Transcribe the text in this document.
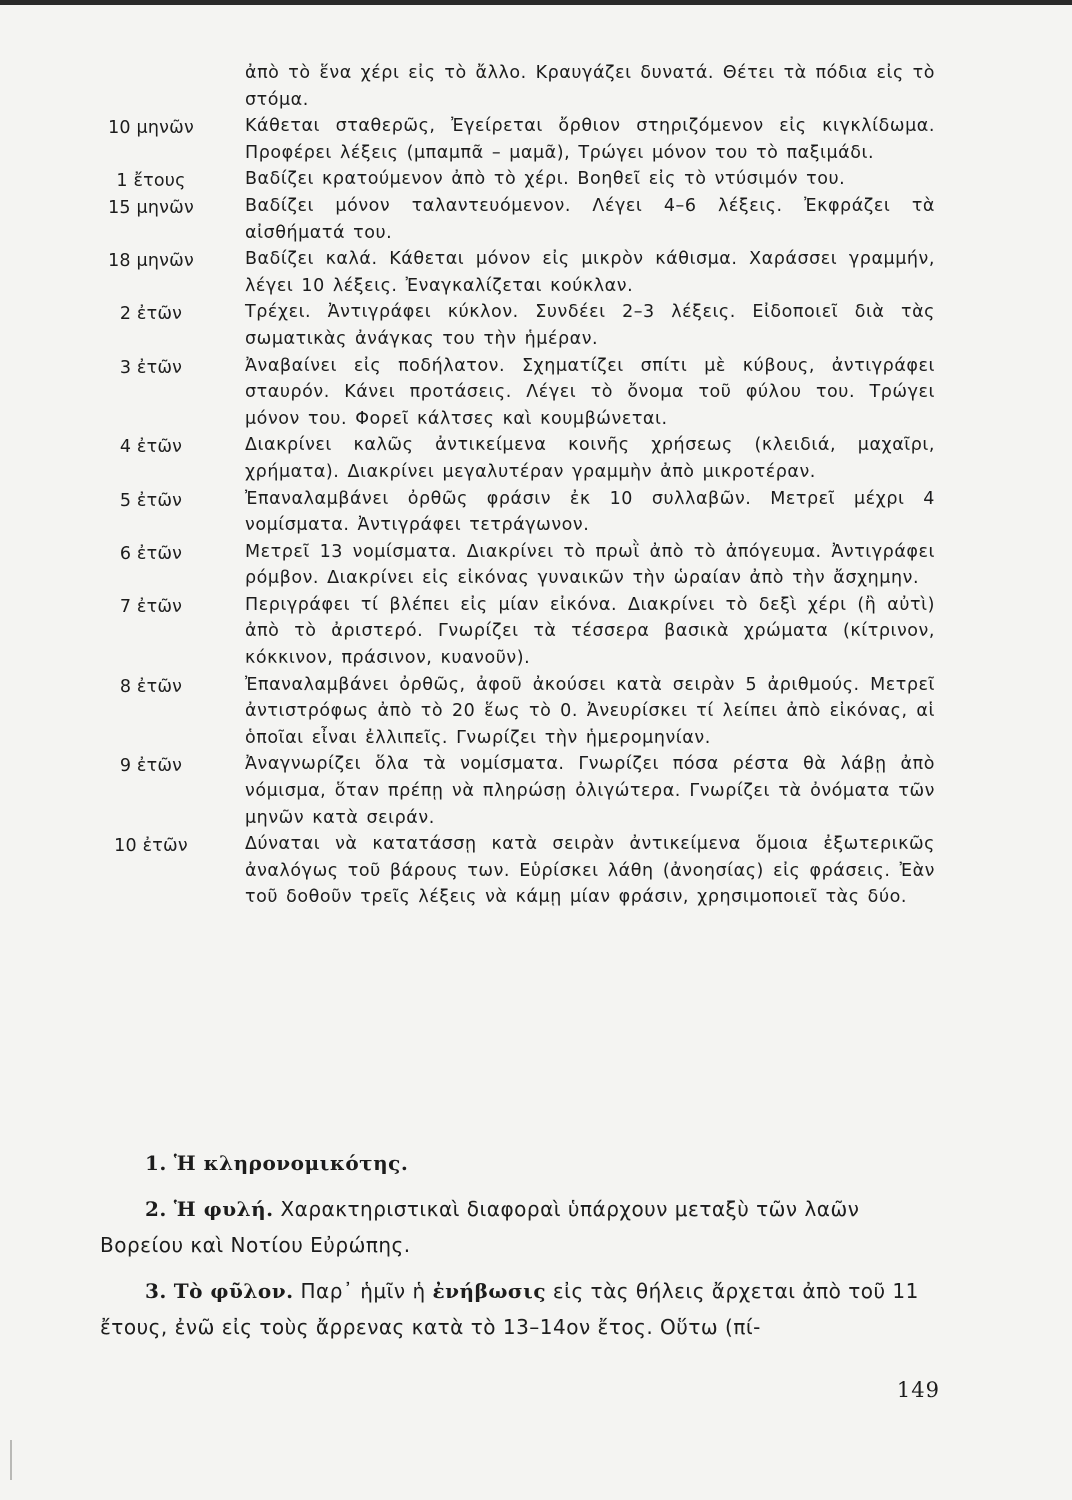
ἀπὸ τὸ ἕνα χέρι εἰς τὸ ἄλλο. Κραυγάζει δυνατά. Θέτει τὰ πόδια εἰς τὸ στόμα.
10 μηνῶν	Κάθεται σταθερῶς, Ἐγείρεται ὄρθιον στηριζόμενον εἰς κιγκλίδωμα. Προφέρει λέξεις (μπαμπᾶ – μαμᾶ), Τρώγει μόνον του τὸ παξιμάδι.
1 ἔτους	Βαδίζει κρατούμενον ἀπὸ τὸ χέρι. Βοηθεῖ εἰς τὸ ντύσιμόν του.
15 μηνῶν	Βαδίζει μόνον ταλαντευόμενον. Λέγει 4–6 λέξεις. Ἐκφράζει τὰ αἰσθήματά του.
18 μηνῶν	Βαδίζει καλά. Κάθεται μόνον εἰς μικρὸν κάθισμα. Χαράσσει γραμμήν, λέγει 10 λέξεις. Ἐναγκαλίζεται κούκλαν.
2 ἐτῶν	Τρέχει. Ἀντιγράφει κύκλον. Συνδέει 2–3 λέξεις. Εἰδοποιεῖ διὰ τὰς σωματικὰς ἀνάγκας του τὴν ἡμέραν.
3 ἐτῶν	Ἀναβαίνει εἰς ποδήλατον. Σχηματίζει σπίτι μὲ κύβους, ἀντιγράφει σταυρόν. Κάνει προτάσεις. Λέγει τὸ ὄνομα τοῦ φύλου του. Τρώγει μόνον του. Φορεῖ κάλτσες καὶ κουμβώνεται.
4 ἐτῶν	Διακρίνει καλῶς ἀντικείμενα κοινῆς χρήσεως (κλειδιά, μαχαῖρι, χρήματα). Διακρίνει μεγαλυτέραν γραμμὴν ἀπὸ μικροτέραν.
5 ἐτῶν	Ἐπαναλαμβάνει ὀρθῶς φράσιν ἐκ 10 συλλαβῶν. Μετρεῖ μέχρι 4 νομίσματα. Ἀντιγράφει τετράγωνον.
6 ἐτῶν	Μετρεῖ 13 νομίσματα. Διακρίνει τὸ πρωῒ ἀπὸ τὸ ἀπόγευμα. Ἀντιγράφει ρόμβον. Διακρίνει εἰς εἰκόνας γυναικῶν τὴν ὡραίαν ἀπὸ τὴν ἄσχημην.
7 ἐτῶν	Περιγράφει τί βλέπει εἰς μίαν εἰκόνα. Διακρίνει τὸ δεξὶ χέρι (ἢ αὐτὶ) ἀπὸ τὸ ἀριστερό. Γνωρίζει τὰ τέσσερα βασικὰ χρώματα (κίτρινον, κόκκινον, πράσινον, κυανοῦν).
8 ἐτῶν	Ἐπαναλαμβάνει ὀρθῶς, ἀφοῦ ἀκούσει κατὰ σειρὰν 5 ἀριθμούς. Μετρεῖ ἀντιστρόφως ἀπὸ τὸ 20 ἕως τὸ 0. Ἀνευρίσκει τί λείπει ἀπὸ εἰκόνας, αἱ ὁποῖαι εἶναι ἐλλιπεῖς. Γνωρίζει τὴν ἡμερομηνίαν.
9 ἐτῶν	Ἀναγνωρίζει ὅλα τὰ νομίσματα. Γνωρίζει πόσα ρέστα θὰ λάβῃ ἀπὸ νόμισμα, ὅταν πρέπῃ νὰ πληρώσῃ ὀλιγώτερα. Γνωρίζει τὰ ὀνόματα τῶν μηνῶν κατὰ σειράν.
10 ἐτῶν	Δύναται νὰ κατατάσσῃ κατὰ σειρὰν ἀντικείμενα ὅμοια ἐξωτερικῶς ἀναλόγως τοῦ βάρους των. Εὑρίσκει λάθη (ἀνοησίας) εἰς φράσεις. Ἐὰν τοῦ δοθοῦν τρεῖς λέξεις νὰ κάμῃ μίαν φράσιν, χρησιμοποιεῖ τὰς δύο.
1. Ἡ κληρονομικότης.
2. Ἡ φυλή. Χαρακτηριστικαὶ διαφοραὶ ὑπάρχουν μεταξὺ τῶν λαῶν Βορείου καὶ Νοτίου Εὐρώπης.
3. Τὸ φῦλον. Παρ᾿ ἡμῖν ἡ ἐνήβωσις εἰς τὰς θήλεις ἄρχεται ἀπὸ τοῦ 11 ἔτους, ἐνῶ εἰς τοὺς ἄρρενας κατὰ τὸ 13–14ον ἔτος. Οὕτω (πί-
149
